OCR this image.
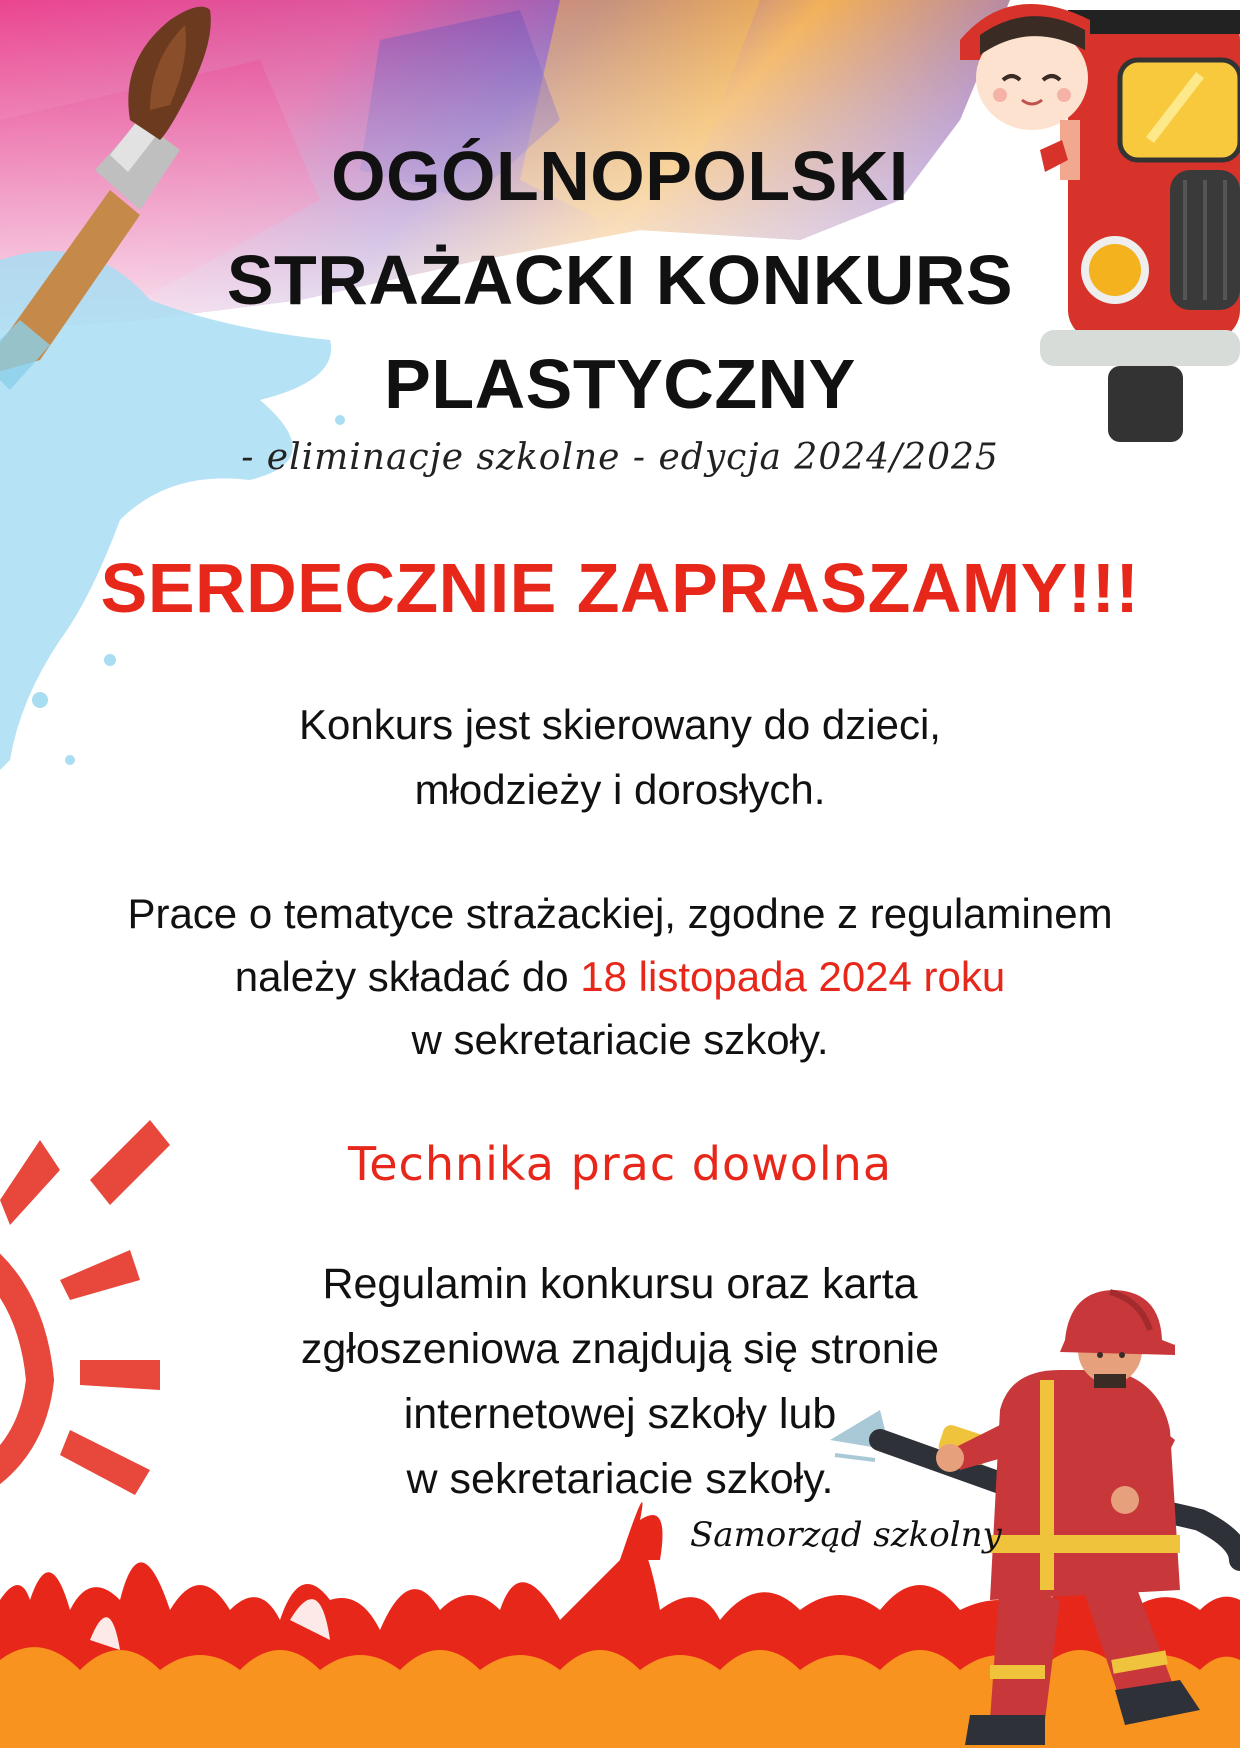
OGÓLNOPOLSKI
STRAŻACKI KONKURS
PLASTYCZNY
- eliminacje szkolne - edycja 2024/2025
SERDECZNIE ZAPRASZAMY!!!
Konkurs jest skierowany do dzieci,
młodzieży i dorosłych.
Prace o tematyce strażackiej, zgodne z regulaminem
należy składać do 18 listopada 2024 roku
w sekretariacie szkoły.
Technika prac dowolna
Regulamin konkursu oraz karta
zgłoszeniowa znajdują się stronie
internetowej szkoły lub
w sekretariacie szkoły.
Samorząd szkolny
